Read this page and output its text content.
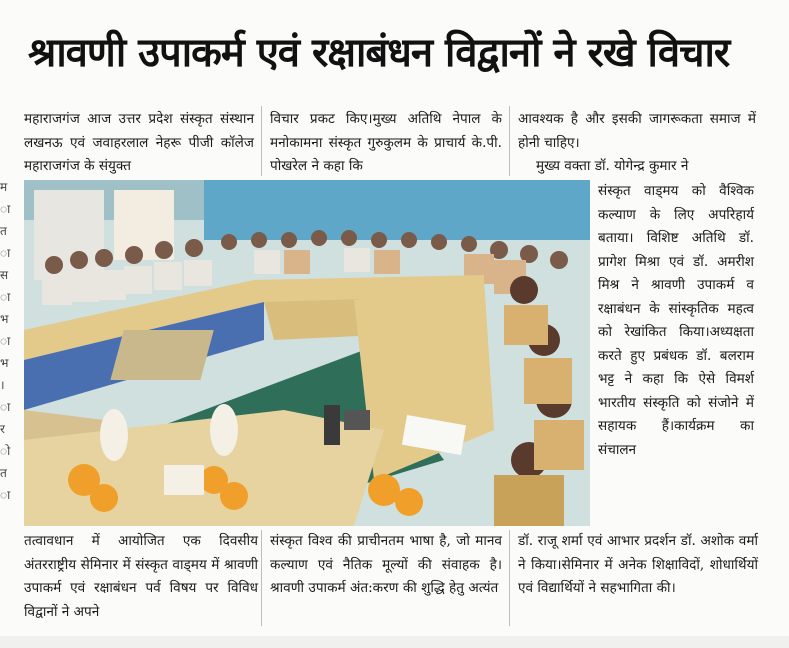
श्रावणी उपाकर्म एवं रक्षाबंधन विद्वानों ने रखे विचार
म
ा
त
ा
स
ा
भ
ा
भ
।
ा
र
ो
त
ा

महाराजगंज आज उत्तर प्रदेश संस्कृत संस्थान लखनऊ एवं जवाहरलाल नेहरू पीजी कॉलेज महाराजगंज के संयुक्त

विचार प्रकट किए।मुख्य अतिथि नेपाल के मनोकामना संस्कृत गुरुकुलम के प्राचार्य के.पी. पोखरेल ने कहा कि

आवश्यक है और इसकी जागरूकता समाज में होनी चाहिए।

मुख्य वक्ता डॉ. योगेन्द्र कुमार ने

संस्कृत वाड्मय को वैश्विक कल्याण के लिए अपरिहार्य बताया। विशिष्ट अतिथि डॉ. प्रागेश मिश्रा एवं डॉ. अमरीश मिश्र ने श्रावणी उपाकर्म व रक्षाबंधन के सांस्कृतिक महत्व को रेखांकित किया।अध्यक्षता करते हुए प्रबंधक डॉ. बलराम भट्ट ने कहा कि ऐसे विमर्श भारतीय संस्कृति को संजोने में सहायक हैं।कार्यक्रम का संचालन

तत्वावधान में आयोजित एक दिवसीय अंतरराष्ट्रीय सेमिनार में संस्कृत वाड्मय में श्रावणी उपाकर्म एवं रक्षाबंधन पर्व विषय पर विविध विद्वानों ने अपने

संस्कृत विश्व की प्राचीनतम भाषा है, जो मानव कल्याण एवं नैतिक मूल्यों की संवाहक है। श्रावणी उपाकर्म अंत:करण की शुद्धि हेतु अत्यंत

डॉ. राजू शर्मा एवं आभार प्रदर्शन डॉ. अशोक वर्मा ने किया।सेमिनार में अनेक शिक्षाविदों, शोधार्थियों एवं विद्यार्थियों ने सहभागिता की।
